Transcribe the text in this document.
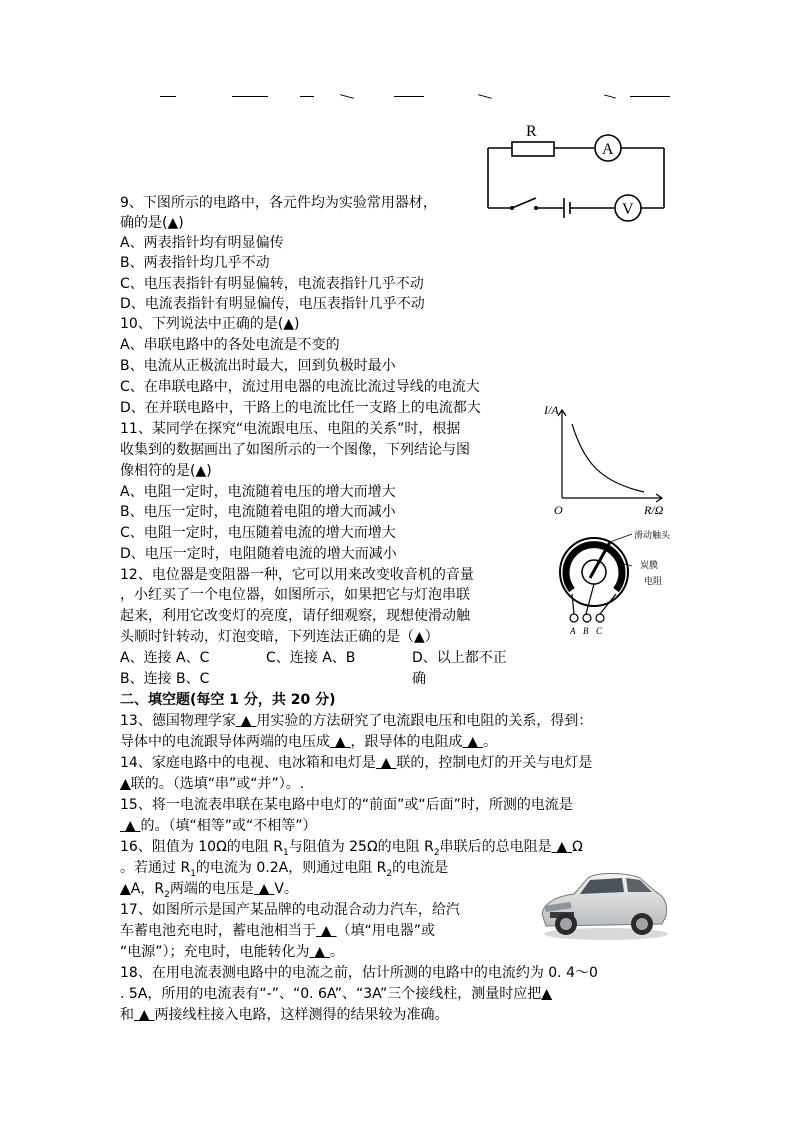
R
A
V
9、下图所示的电路中，各元件均为实验常用器材，
确的是(▲)
A、两表指针均有明显偏传
B、两表指针均几乎不动
C、电压表指针有明显偏转，电流表指针几乎不动
D、电流表指针有明显偏传，电压表指针几乎不动
10、下列说法中正确的是(▲)
A、串联电路中的各处电流是不变的
B、电流从正极流出时最大，回到负极时最小
C、在串联电路中，流过用电器的电流比流过导线的电流大
D、在并联电路中，干路上的电流比任一支路上的电流都大	I/A
R/Ω
O
11、某同学在探究“电流跟电压、电阻的关系”时，根据
收集到的数据画出了如图所示的一个图像，下列结论与图
像相符的是(▲)
A、电阻一定时，电流随着电压的增大而增大
B、电压一定时，电流随着电阻的增大而减小
C、电阻一定时，电压随着电流的增大而增大
D、电压一定时，电阻随着电流的增大而减小
滑动触头
炭膜
电阻
A B C
12、电位器是变阻器一种，它可以用来改变收音机的音量
，小红买了一个电位器，如图所示，如果把它与灯泡串联
起来，利用它改变灯的亮度，请仔细观察，现想使滑动触
头顺时针转动，灯泡变暗，下列连法正确的是（▲）
A、连接 A、C	C、连接 A、B	D、以上都不正
B、连接 B、C	确
二、填空题(每空 1 分，共 20 分)
13、德国物理学家 ▲ 用实验的方法研究了电流跟电压和电阻的关系，得到：
导体中的电流跟导体两端的电压成 ▲ ，跟导体的电阻成 ▲ 。
14、家庭电路中的电视、电冰箱和电灯是 ▲ 联的，控制电灯的开关与电灯是
▲联的。（选填“串”或“并”）。.
15、将一电流表串联在某电路中电灯的“前面”或“后面”时，所测的电流是
▲ 的。（填“相等”或“不相等”）
16、阻值为 10Ω的电阻 $R_1$与阻值为 25Ω的电阻 $R_2$串联后的总电阻是 ▲ Ω
。若通过 $R_1$的电流为 0.2A，则通过电阻 $R_2$的电流是
▲A，$R_2$两端的电压是 ▲ V。
17、如图所示是国产某品牌的电动混合动力汽车，给汽
车蓄电池充电时，蓄电池相当于 ▲ （填“用电器”或
“电源”）；充电时，电能转化为 ▲ 。
18、在用电流表测电路中的电流之前，估计所测的电路中的电流约为 0. 4～0
. 5A，所用的电流表有“-”、“0. 6A”、“3A”三个接线柱，测量时应把▲
和 ▲ 两接线柱接入电路，这样测得的结果较为准确。
